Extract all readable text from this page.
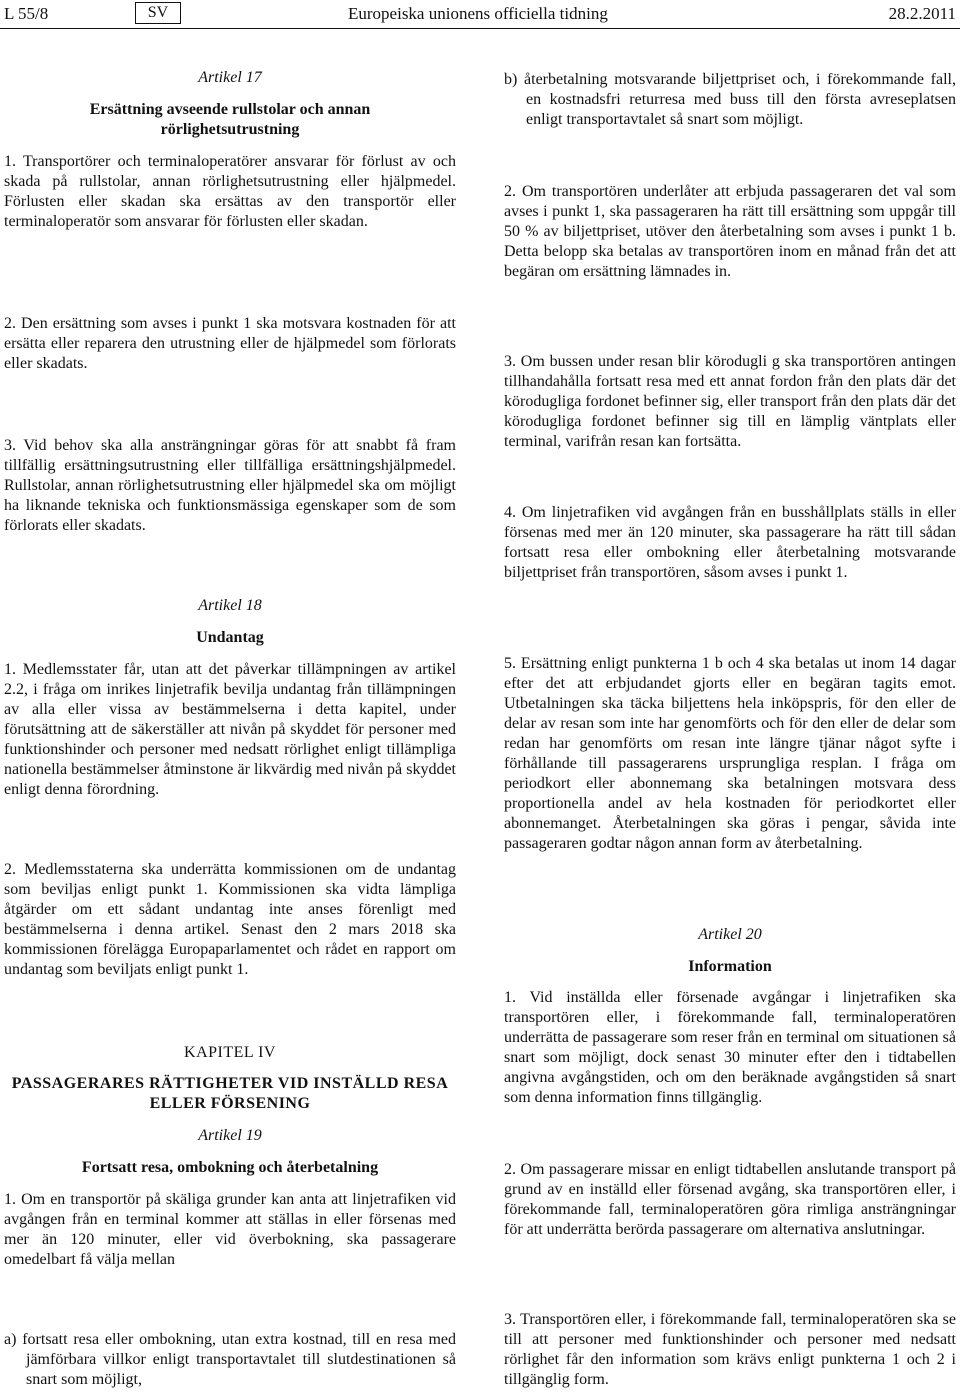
L 55/8	SV	Europeiska unionens officiella tidning	28.2.2011
Artikel 17
Ersättning avseende rullstolar och annan rörlighetsutrustning
1. Transportörer och terminaloperatörer ansvarar för förlust av och skada på rullstolar, annan rörlighetsutrustning eller hjälpmedel. Förlusten eller skadan ska ersättas av den transportör eller terminaloperatör som ansvarar för förlusten eller skadan.
2. Den ersättning som avses i punkt 1 ska motsvara kostnaden för att ersätta eller reparera den utrustning eller de hjälpmedel som förlorats eller skadats.
3. Vid behov ska alla ansträngningar göras för att snabbt få fram tillfällig ersättningsutrustning eller tillfälliga ersättningshjälpmedel. Rullstolar, annan rörlighetsutrustning eller hjälpmedel ska om möjligt ha liknande tekniska och funktionsmässiga egenskaper som de som förlorats eller skadats.
Artikel 18
Undantag
1. Medlemsstater får, utan att det påverkar tillämpningen av artikel 2.2, i fråga om inrikes linjetrafik bevilja undantag från tillämpningen av alla eller vissa av bestämmelserna i detta kapitel, under förutsättning att de säkerställer att nivån på skyddet för personer med funktionshinder och personer med nedsatt rörlighet enligt tillämpliga nationella bestämmelser åtminstone är likvärdig med nivån på skyddet enligt denna förordning.
2. Medlemsstaterna ska underrätta kommissionen om de undantag som beviljas enligt punkt 1. Kommissionen ska vidta lämpliga åtgärder om ett sådant undantag inte anses förenligt med bestämmelserna i denna artikel. Senast den 2 mars 2018 ska kommissionen förelägga Europaparlamentet och rådet en rapport om undantag som beviljats enligt punkt 1.
KAPITEL IV
PASSAGERARES RÄTTIGHETER VID INSTÄLLD RESA ELLER FÖRSENING
Artikel 19
Fortsatt resa, ombokning och återbetalning
1. Om en transportör på skäliga grunder kan anta att linjetrafiken vid avgången från en terminal kommer att ställas in eller försenas med mer än 120 minuter, eller vid överbokning, ska passagerare omedelbart få välja mellan
a) fortsatt resa eller ombokning, utan extra kostnad, till en resa med jämförbara villkor enligt transportavtalet till slutdestinationen så snart som möjligt,
b) återbetalning motsvarande biljettpriset och, i förekommande fall, en kostnadsfri returresa med buss till den första avreseplatsen enligt transportavtalet så snart som möjligt.
2. Om transportören underlåter att erbjuda passageraren det val som avses i punkt 1, ska passageraren ha rätt till ersättning som uppgår till 50 % av biljettpriset, utöver den återbetalning som avses i punkt 1 b. Detta belopp ska betalas av transportören inom en månad från det att begäran om ersättning lämnades in.
3. Om bussen under resan blir körodugli g ska transportören antingen tillhandahålla fortsatt resa med ett annat fordon från den plats där det körodugliga fordonet befinner sig, eller transport från den plats där det körodugliga fordonet befinner sig till en lämplig väntplats eller terminal, varifrån resan kan fortsätta.
4. Om linjetrafiken vid avgången från en busshållplats ställs in eller försenas med mer än 120 minuter, ska passagerare ha rätt till sådan fortsatt resa eller ombokning eller återbetalning motsvarande biljettpriset från transportören, såsom avses i punkt 1.
5. Ersättning enligt punkterna 1 b och 4 ska betalas ut inom 14 dagar efter det att erbjudandet gjorts eller en begäran tagits emot. Utbetalningen ska täcka biljettens hela inköpspris, för den eller de delar av resan som inte har genomförts och för den eller de delar som redan har genomförts om resan inte längre tjänar något syfte i förhållande till passagerarens ursprungliga resplan. I fråga om periodkort eller abonnemang ska betalningen motsvara dess proportionella andel av hela kostnaden för periodkortet eller abonnemanget. Återbetalningen ska göras i pengar, såvida inte passageraren godtar någon annan form av återbetalning.
Artikel 20
Information
1. Vid inställda eller försenade avgångar i linjetrafiken ska transportören eller, i förekommande fall, terminaloperatören underrätta de passagerare som reser från en terminal om situationen så snart som möjligt, dock senast 30 minuter efter den i tidtabellen angivna avgångstiden, och om den beräknade avgångstiden så snart som denna information finns tillgänglig.
2. Om passagerare missar en enligt tidtabellen anslutande transport på grund av en inställd eller försenad avgång, ska transportören eller, i förekommande fall, terminaloperatören göra rimliga ansträngningar för att underrätta berörda passagerare om alternativa anslutningar.
3. Transportören eller, i förekommande fall, terminaloperatören ska se till att personer med funktionshinder och personer med nedsatt rörlighet får den information som krävs enligt punkterna 1 och 2 i tillgänglig form.
